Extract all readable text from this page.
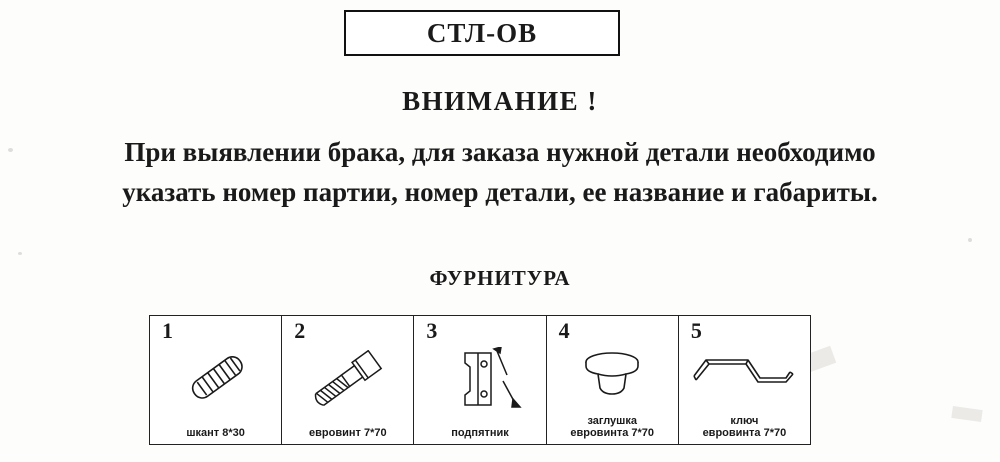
СТЛ-ОВ
ВНИМАНИЕ !
При выявлении брака, для заказа нужной детали необходимо
указать номер партии, номер детали, ее название и габариты.
ФУРНИТУРА
1
шкант 8*30
2
евровинт 7*70
3
подпятник
4
заглушка
евровинта 7*70
5
ключ
евровинта 7*70
